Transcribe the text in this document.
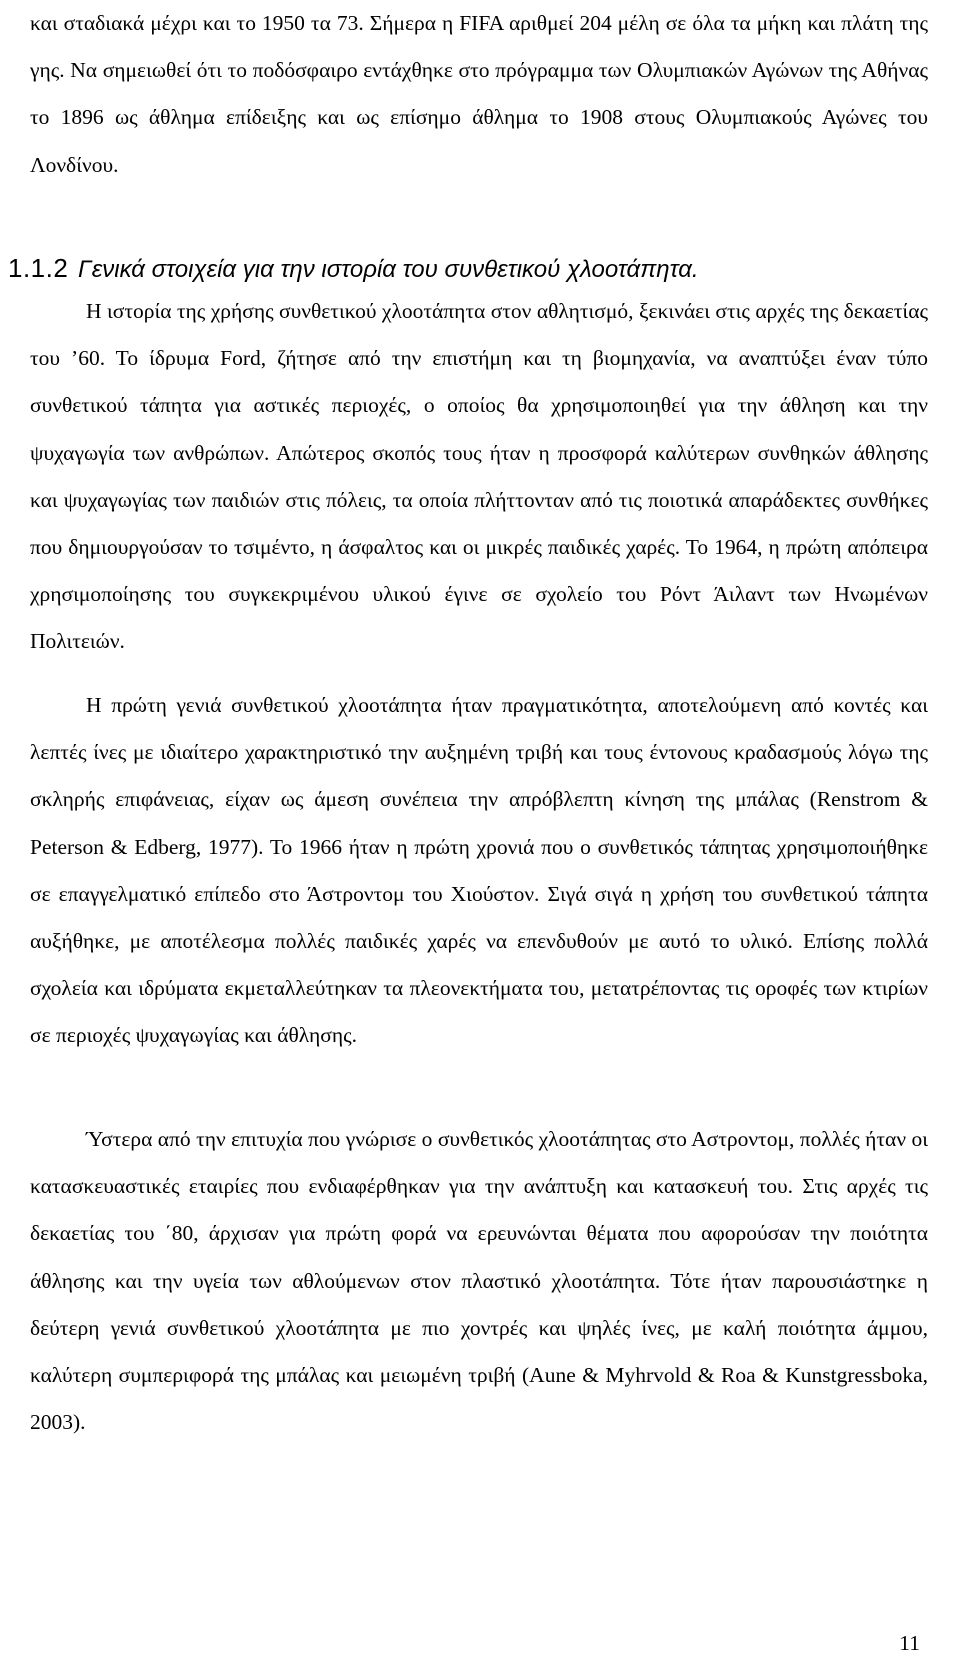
και σταδιακά μέχρι και το 1950 τα 73. Σήμερα η FIFA αριθμεί 204 μέλη σε όλα τα μήκη και πλάτη της γης. Να σημειωθεί ότι το ποδόσφαιρο εντάχθηκε στο πρόγραμμα των Ολυμπιακών Αγώνων της Αθήνας το 1896 ως άθλημα επίδειξης και ως επίσημο άθλημα το 1908 στους Ολυμπιακούς Αγώνες του Λονδίνου.

1.1.2 Γενικά στοιχεία για την ιστορία του συνθετικού χλοοτάπητα.

Η ιστορία της χρήσης συνθετικού χλοοτάπητα στον αθλητισμό, ξεκινάει στις αρχές της δεκαετίας του ’60. Το ίδρυμα Ford, ζήτησε από την επιστήμη και τη βιομηχανία, να αναπτύξει έναν τύπο συνθετικού τάπητα για αστικές περιοχές, ο οποίος θα χρησιμοποιηθεί για την άθληση και την ψυχαγωγία των ανθρώπων. Απώτερος σκοπός τους ήταν η προσφορά καλύτερων συνθηκών άθλησης και ψυχαγωγίας των παιδιών στις πόλεις, τα οποία πλήττονταν από τις ποιοτικά απαράδεκτες συνθήκες που δημιουργούσαν το τσιμέντο, η άσφαλτος και οι μικρές παιδικές χαρές. Το 1964, η πρώτη απόπειρα χρησιμοποίησης του συγκεκριμένου υλικού έγινε σε σχολείο του Ρόντ Άιλαντ των Ηνωμένων Πολιτειών.

Η πρώτη γενιά συνθετικού χλοοτάπητα ήταν πραγματικότητα, αποτελούμενη από κοντές και λεπτές ίνες με ιδιαίτερο χαρακτηριστικό την αυξημένη τριβή και τους έντονους κραδασμούς λόγω της σκληρής επιφάνειας, είχαν ως άμεση συνέπεια την απρόβλεπτη κίνηση της μπάλας (Renstrom & Peterson & Edberg, 1977). Το 1966 ήταν η πρώτη χρονιά που ο συνθετικός τάπητας χρησιμοποιήθηκε σε επαγγελματικό επίπεδο στο Άστροντομ του Χιούστον. Σιγά σιγά η χρήση του συνθετικού τάπητα αυξήθηκε, με αποτέλεσμα πολλές παιδικές χαρές να επενδυθούν με αυτό το υλικό. Επίσης πολλά σχολεία και ιδρύματα εκμεταλλεύτηκαν τα πλεονεκτήματα του, μετατρέποντας τις οροφές των κτιρίων σε περιοχές ψυχαγωγίας και άθλησης.

Ύστερα από την επιτυχία που γνώρισε ο συνθετικός χλοοτάπητας στο Αστροντομ, πολλές ήταν οι κατασκευαστικές εταιρίες που ενδιαφέρθηκαν για την ανάπτυξη και κατασκευή του. Στις αρχές τις δεκαετίας του ΄80, άρχισαν για πρώτη φορά να ερευνώνται θέματα που αφορούσαν την ποιότητα άθλησης και την υγεία των αθλούμενων στον πλαστικό χλοοτάπητα. Τότε ήταν παρουσιάστηκε η δεύτερη γενιά συνθετικού χλοοτάπητα με πιο χοντρές και ψηλές ίνες, με καλή ποιότητα άμμου, καλύτερη συμπεριφορά της μπάλας και μειωμένη τριβή (Aune & Myhrvold & Roa & Kunstgressboka, 2003).

11
